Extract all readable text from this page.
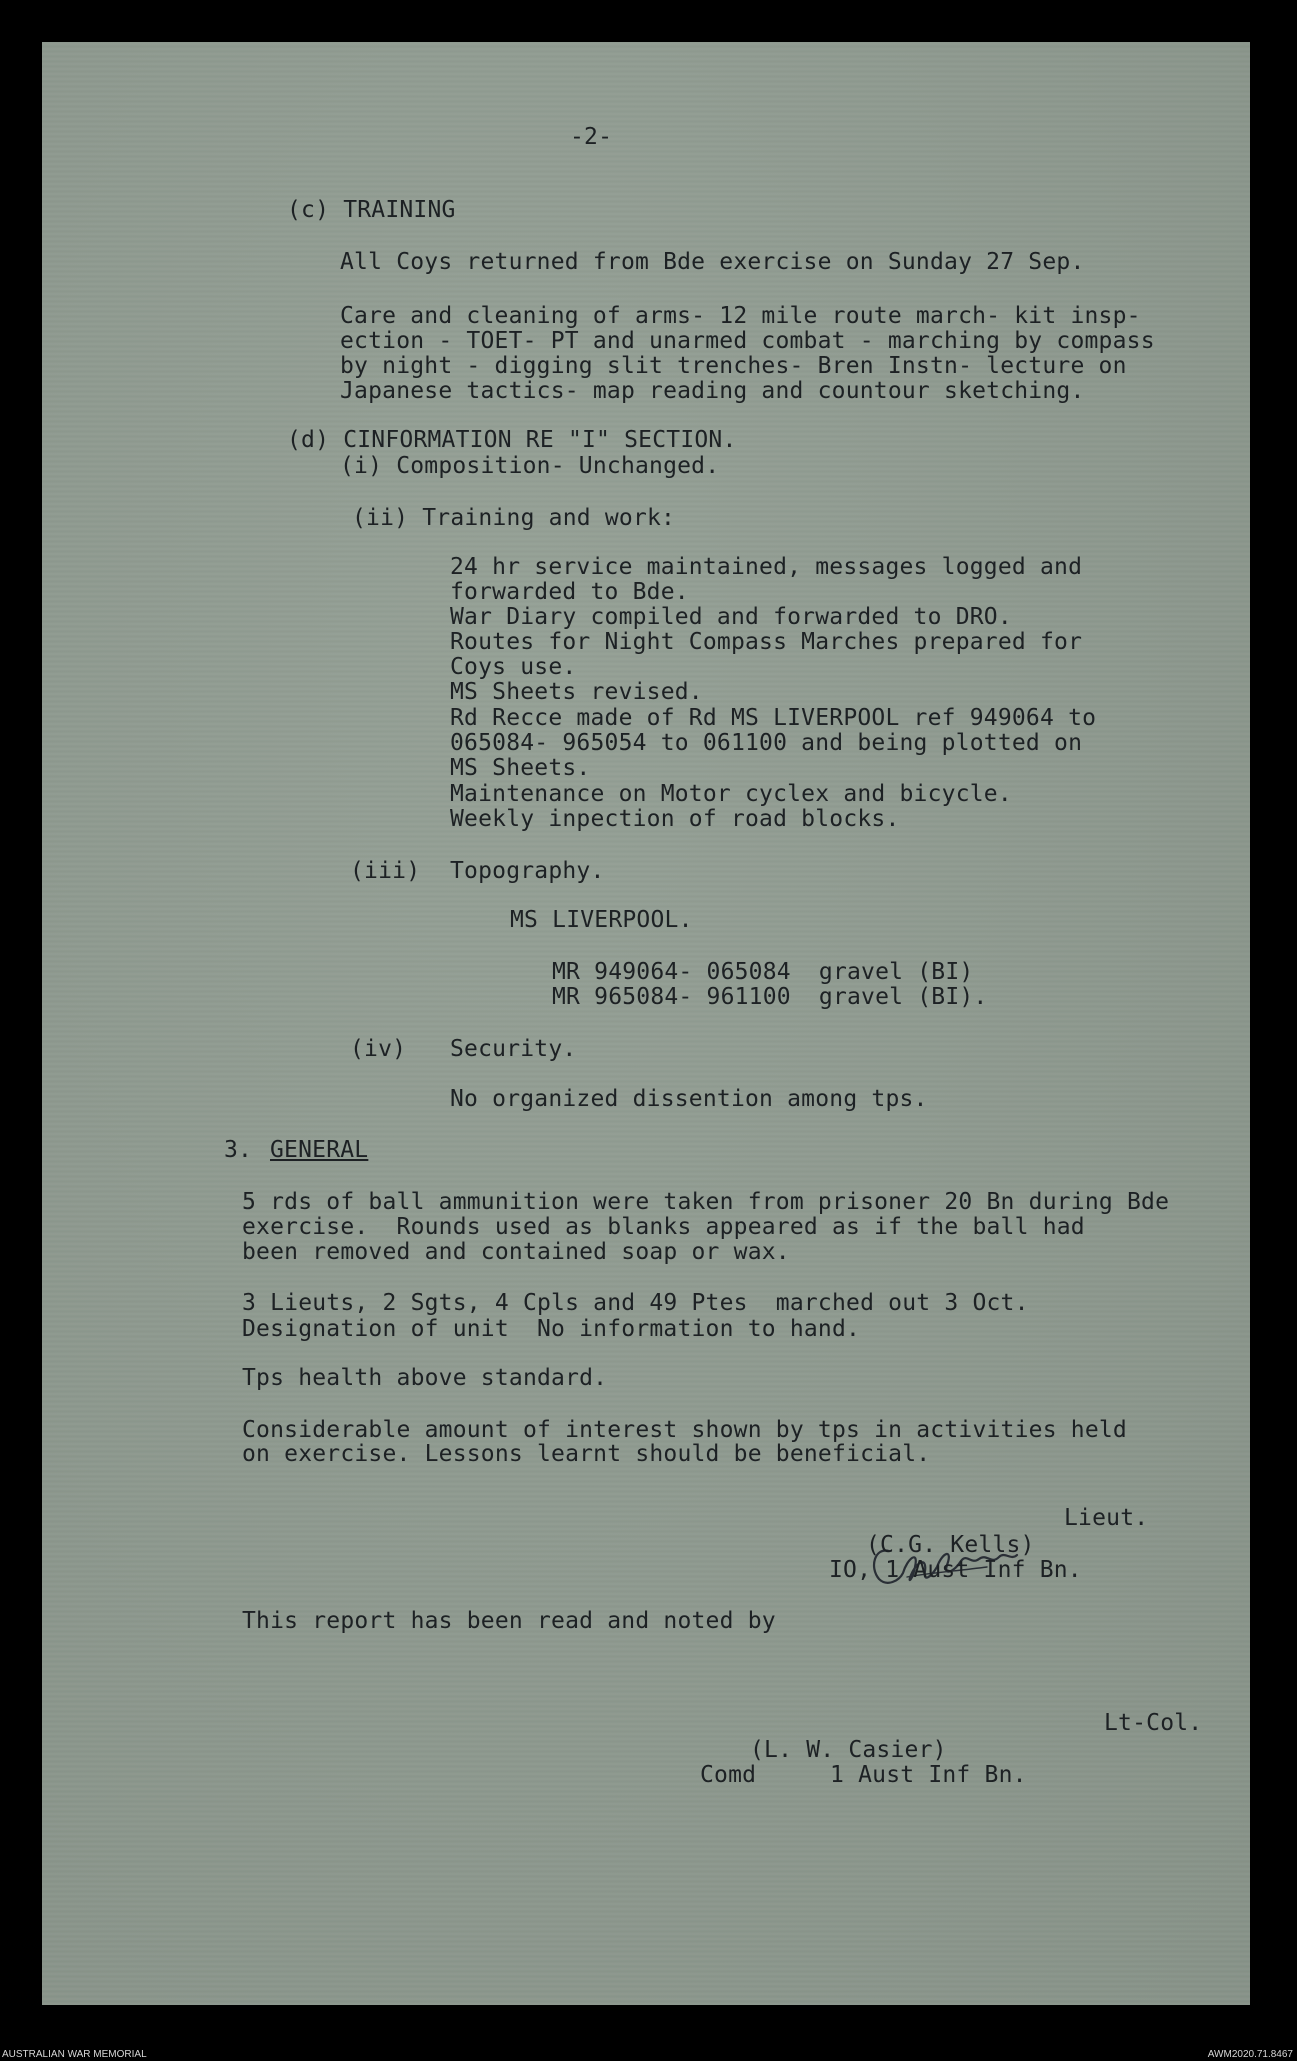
-2-
(c) TRAINING
All Coys returned from Bde exercise on Sunday 27 Sep.
Care and cleaning of arms- 12 mile route march- kit insp-
ection - TOET- PT and unarmed combat - marching by compass
by night - digging slit trenches- Bren Instn- lecture on
Japanese tactics- map reading and countour sketching.
(d) CINFORMATION RE "I" SECTION.
(i) Composition- Unchanged.
(ii) Training and work:
24 hr service maintained, messages logged and
forwarded to Bde.
War Diary compiled and forwarded to DRO.
Routes for Night Compass Marches prepared for
Coys use.
MS Sheets revised.
Rd Recce made of Rd MS LIVERPOOL ref 949064 to
065084- 965054 to 061100 and being plotted on
MS Sheets.
Maintenance on Motor cyclex and bicycle.
Weekly inpection of road blocks.
(iii) Topography.
MS LIVERPOOL.
MR 949064- 065084  gravel (BI)
MR 965084- 961100  gravel (BI).
(iv) Security.
No organized dissention among tps.
3. GENERAL
5 rds of ball ammunition were taken from prisoner 20 Bn during Bde
exercise.  Rounds used as blanks appeared as if the ball had
been removed and contained soap or wax.
3 Lieuts, 2 Sgts, 4 Cpls and 49 Ptes  marched out 3 Oct.
Designation of unit  No information to hand.
Tps health above standard.
Considerable amount of interest shown by tps in activities held
on exercise. Lessons learnt should be beneficial.
Lieut.
(C.G. Kells)
IO, 1 Aust Inf Bn.
This report has been read and noted by
Lt-Col.
(L. W. Casier)
Comd	1 Aust Inf Bn.
AUSTRALIAN WAR MEMORIAL	AWM2020.71.8467
